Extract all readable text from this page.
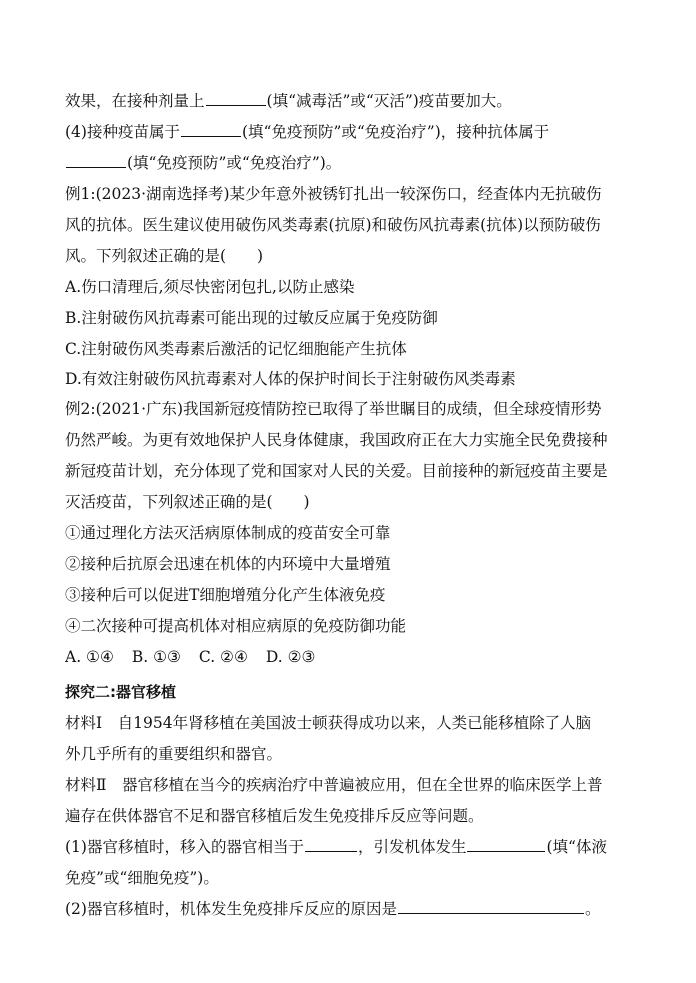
效果，在接种剂量上	(填“减毒活”或“灭活”)疫苗要加大。
(4)接种疫苗属于	(填“免疫预防”或“免疫治疗”)，接种抗体属于
(填“免疫预防”或“免疫治疗”)。
例1:(2023·湖南选择考)某少年意外被锈钉扎出一较深伤口，经查体内无抗破伤
风的抗体。医生建议使用破伤风类毒素(抗原)和破伤风抗毒素(抗体)以预防破伤
风。下列叙述正确的是(　　)
A.伤口清理后,须尽快密闭包扎,以防止感染
B.注射破伤风抗毒素可能出现的过敏反应属于免疫防御
C.注射破伤风类毒素后激活的记忆细胞能产生抗体
D.有效注射破伤风抗毒素对人体的保护时间长于注射破伤风类毒素
例2:(2021·广东)我国新冠疫情防控已取得了举世瞩目的成绩，但全球疫情形势
仍然严峻。为更有效地保护人民身体健康，我国政府正在大力实施全民免费接种
新冠疫苗计划，充分体现了党和国家对人民的关爱。目前接种的新冠疫苗主要是
灭活疫苗，下列叙述正确的是(　　)
①通过理化方法灭活病原体制成的疫苗安全可靠
②接种后抗原会迅速在机体的内环境中大量增殖
③接种后可以促进T细胞增殖分化产生体液免疫
④二次接种可提高机体对相应病原的免疫防御功能
A. ①④ B. ①③ C. ②④ D. ②③
探究二:器官移植
材料Ⅰ　自1954年肾移植在美国波士顿获得成功以来，人类已能移植除了人脑
外几乎所有的重要组织和器官。
材料Ⅱ　器官移植在当今的疾病治疗中普遍被应用，但在全世界的临床医学上普
遍存在供体器官不足和器官移植后发生免疫排斥反应等问题。
(1)器官移植时，移入的器官相当于	，引发机体发生	(填“体液
免疫”或“细胞免疫”)。
(2)器官移植时，机体发生免疫排斥反应的原因是	。
